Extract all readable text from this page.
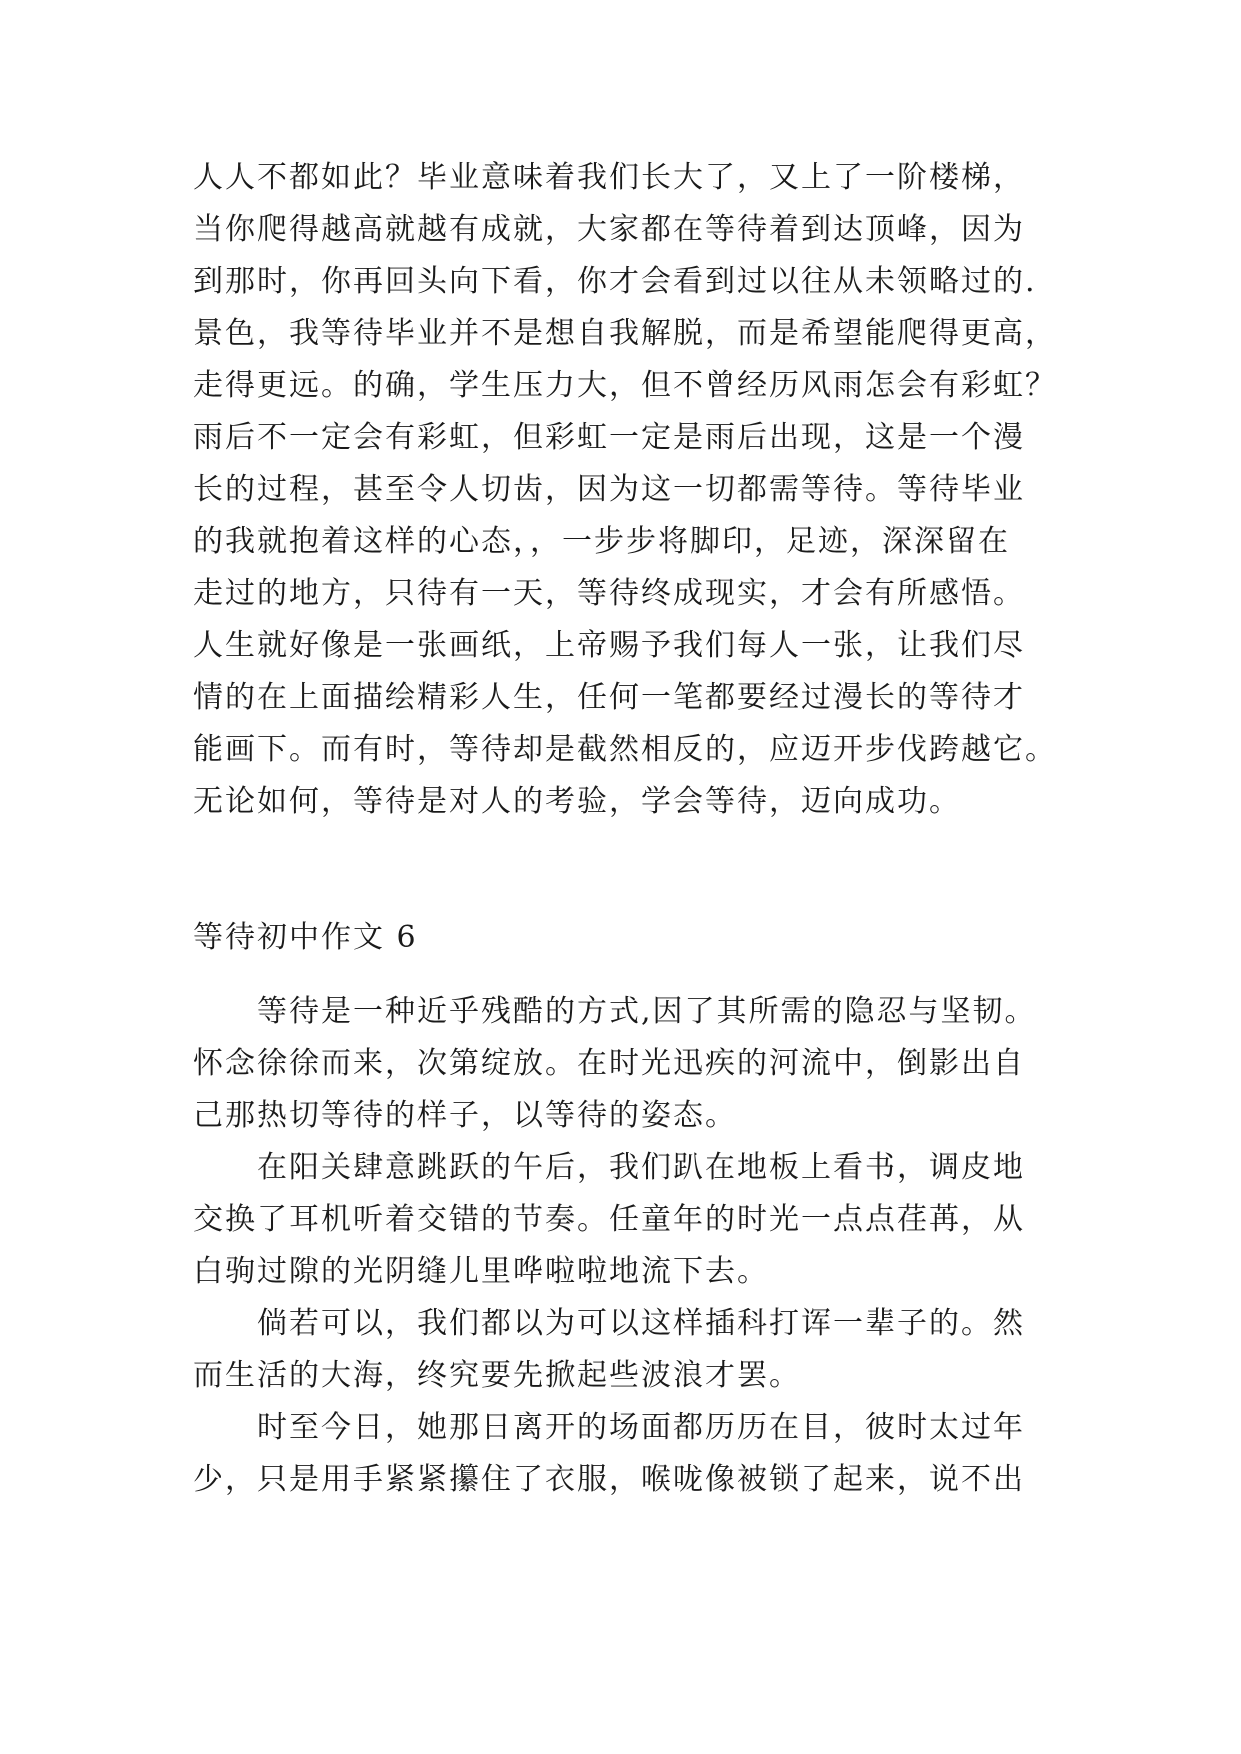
人人不都如此？毕业意味着我们长大了，又上了一阶楼梯，
当你爬得越高就越有成就，大家都在等待着到达顶峰，因为
到那时，你再回头向下看，你才会看到过以往从未领略过的.
景色，我等待毕业并不是想自我解脱，而是希望能爬得更高，
走得更远。的确，学生压力大，但不曾经历风雨怎会有彩虹？
雨后不一定会有彩虹，但彩虹一定是雨后出现，这是一个漫
长的过程，甚至令人切齿，因为这一切都需等待。等待毕业
的我就抱着这样的心态，，一步步将脚印，足迹，深深留在
走过的地方，只待有一天，等待终成现实，才会有所感悟。
人生就好像是一张画纸，上帝赐予我们每人一张，让我们尽
情的在上面描绘精彩人生，任何一笔都要经过漫长的等待才
能画下。而有时，等待却是截然相反的，应迈开步伐跨越它。
无论如何，等待是对人的考验，学会等待，迈向成功。
等待初中作文 6
等待是一种近乎残酷的方式,因了其所需的隐忍与坚韧。
怀念徐徐而来，次第绽放。在时光迅疾的河流中，倒影出自
己那热切等待的样子，以等待的姿态。
在阳关肆意跳跃的午后，我们趴在地板上看书，调皮地
交换了耳机听着交错的节奏。任童年的时光一点点荏苒，从
白驹过隙的光阴缝儿里哗啦啦地流下去。
倘若可以，我们都以为可以这样插科打诨一辈子的。然
而生活的大海，终究要先掀起些波浪才罢。
时至今日，她那日离开的场面都历历在目，彼时太过年
少，只是用手紧紧攥住了衣服，喉咙像被锁了起来，说不出
